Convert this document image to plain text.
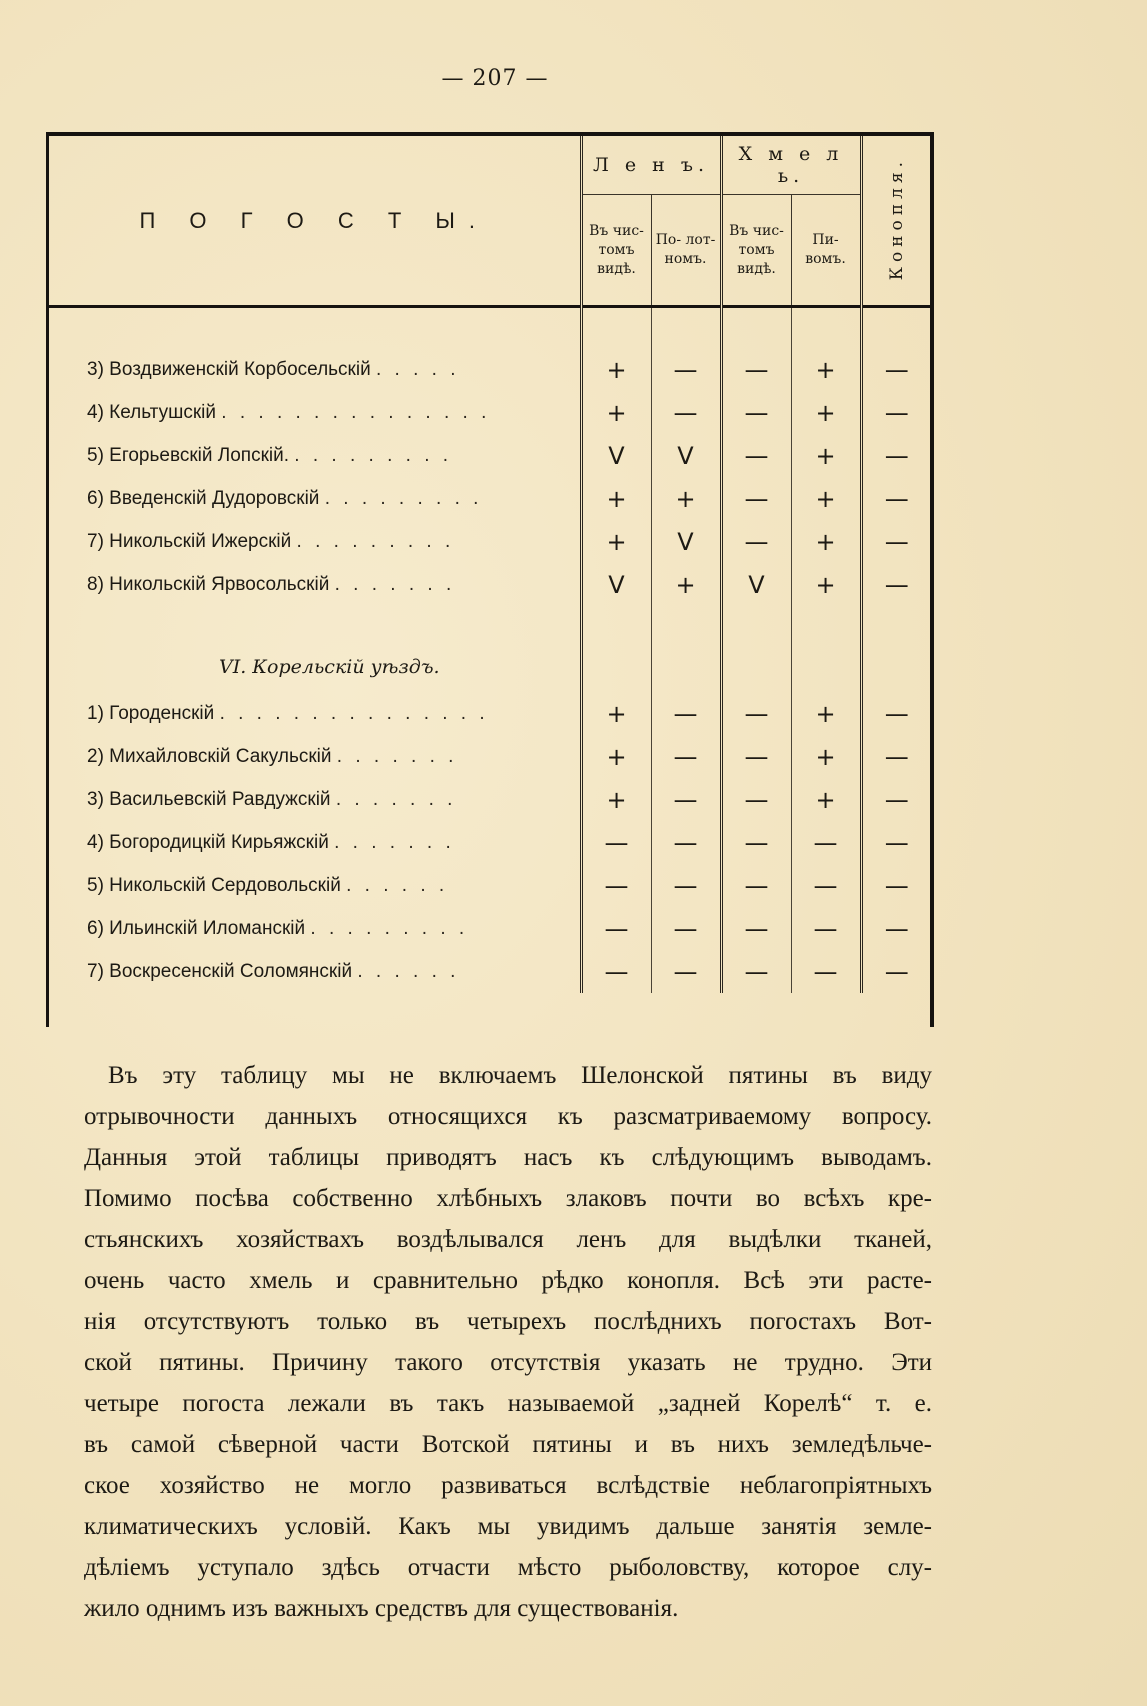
— 207 —
П О Г О С Т Ы.	Л е н ъ.		Х м е л ь.		Конопля.
	Въ чис- томъ видѣ.	По- лот- номъ.	Въ чис- томъ видѣ.	Пи- вомъ.	

3) Воздвиженскій Корбосельскій . . . . .	+	—	—	+	—
4) Кельтушскій . . . . . . . . . . . . . . .	+	—	—	+	—
5) Егорьевскій Лопскій. . . . . . . . . .	V	V	—	+	—
6) Введенскій Дудоровскій . . . . . . . . .	+	+	—	+	—
7) Никольскій Ижерскій . . . . . . . . .	+	V	—	+	—
8) Никольскій Ярвосольскій . . . . . . .	V	+	V	+	—

VI. Корельскій уѣздъ.					
1) Городенскій . . . . . . . . . . . . . . .	+	—	—	+	—
2) Михайловскій Сакульскій . . . . . . .	+	—	—	+	—
3) Васильевскій Равдужскій . . . . . . .	+	—	—	+	—
4) Богородицкій Кирьяжскій . . . . . . .	—	—	—	—	—
5) Никольскій Сердовольскій . . . . . .	—	—	—	—	—
6) Ильинскій Иломанскій . . . . . . . . .	—	—	—	—	—
7) Воскресенскій Соломянскій . . . . . .	—	—	—	—	—
Въ эту таблицу мы не включаемъ Шелонской пятины въ виду
отрывочности данныхъ относящихся къ разсматриваемому вопросу.
Данныя этой таблицы приводятъ насъ къ слѣдующимъ выводамъ.
Помимо посѣва собственно хлѣбныхъ злаковъ почти во всѣхъ кре-
стьянскихъ хозяйствахъ воздѣлывался ленъ для выдѣлки тканей,
очень часто хмель и сравнительно рѣдко конопля. Всѣ эти расте-
нія отсутствуютъ только въ четырехъ послѣднихъ погостахъ Вот-
ской пятины. Причину такого отсутствія указать не трудно. Эти
четыре погоста лежали въ такъ называемой „задней Корелѣ“ т. е.
въ самой сѣверной части Вотской пятины и въ нихъ земледѣльче-
ское хозяйство не могло развиваться вслѣдствіе неблагопріятныхъ
климатическихъ условій. Какъ мы увидимъ дальше занятія земле-
дѣліемъ уступало здѣсь отчасти мѣсто рыболовству, которое слу-
жило однимъ изъ важныхъ средствъ для существованія.
